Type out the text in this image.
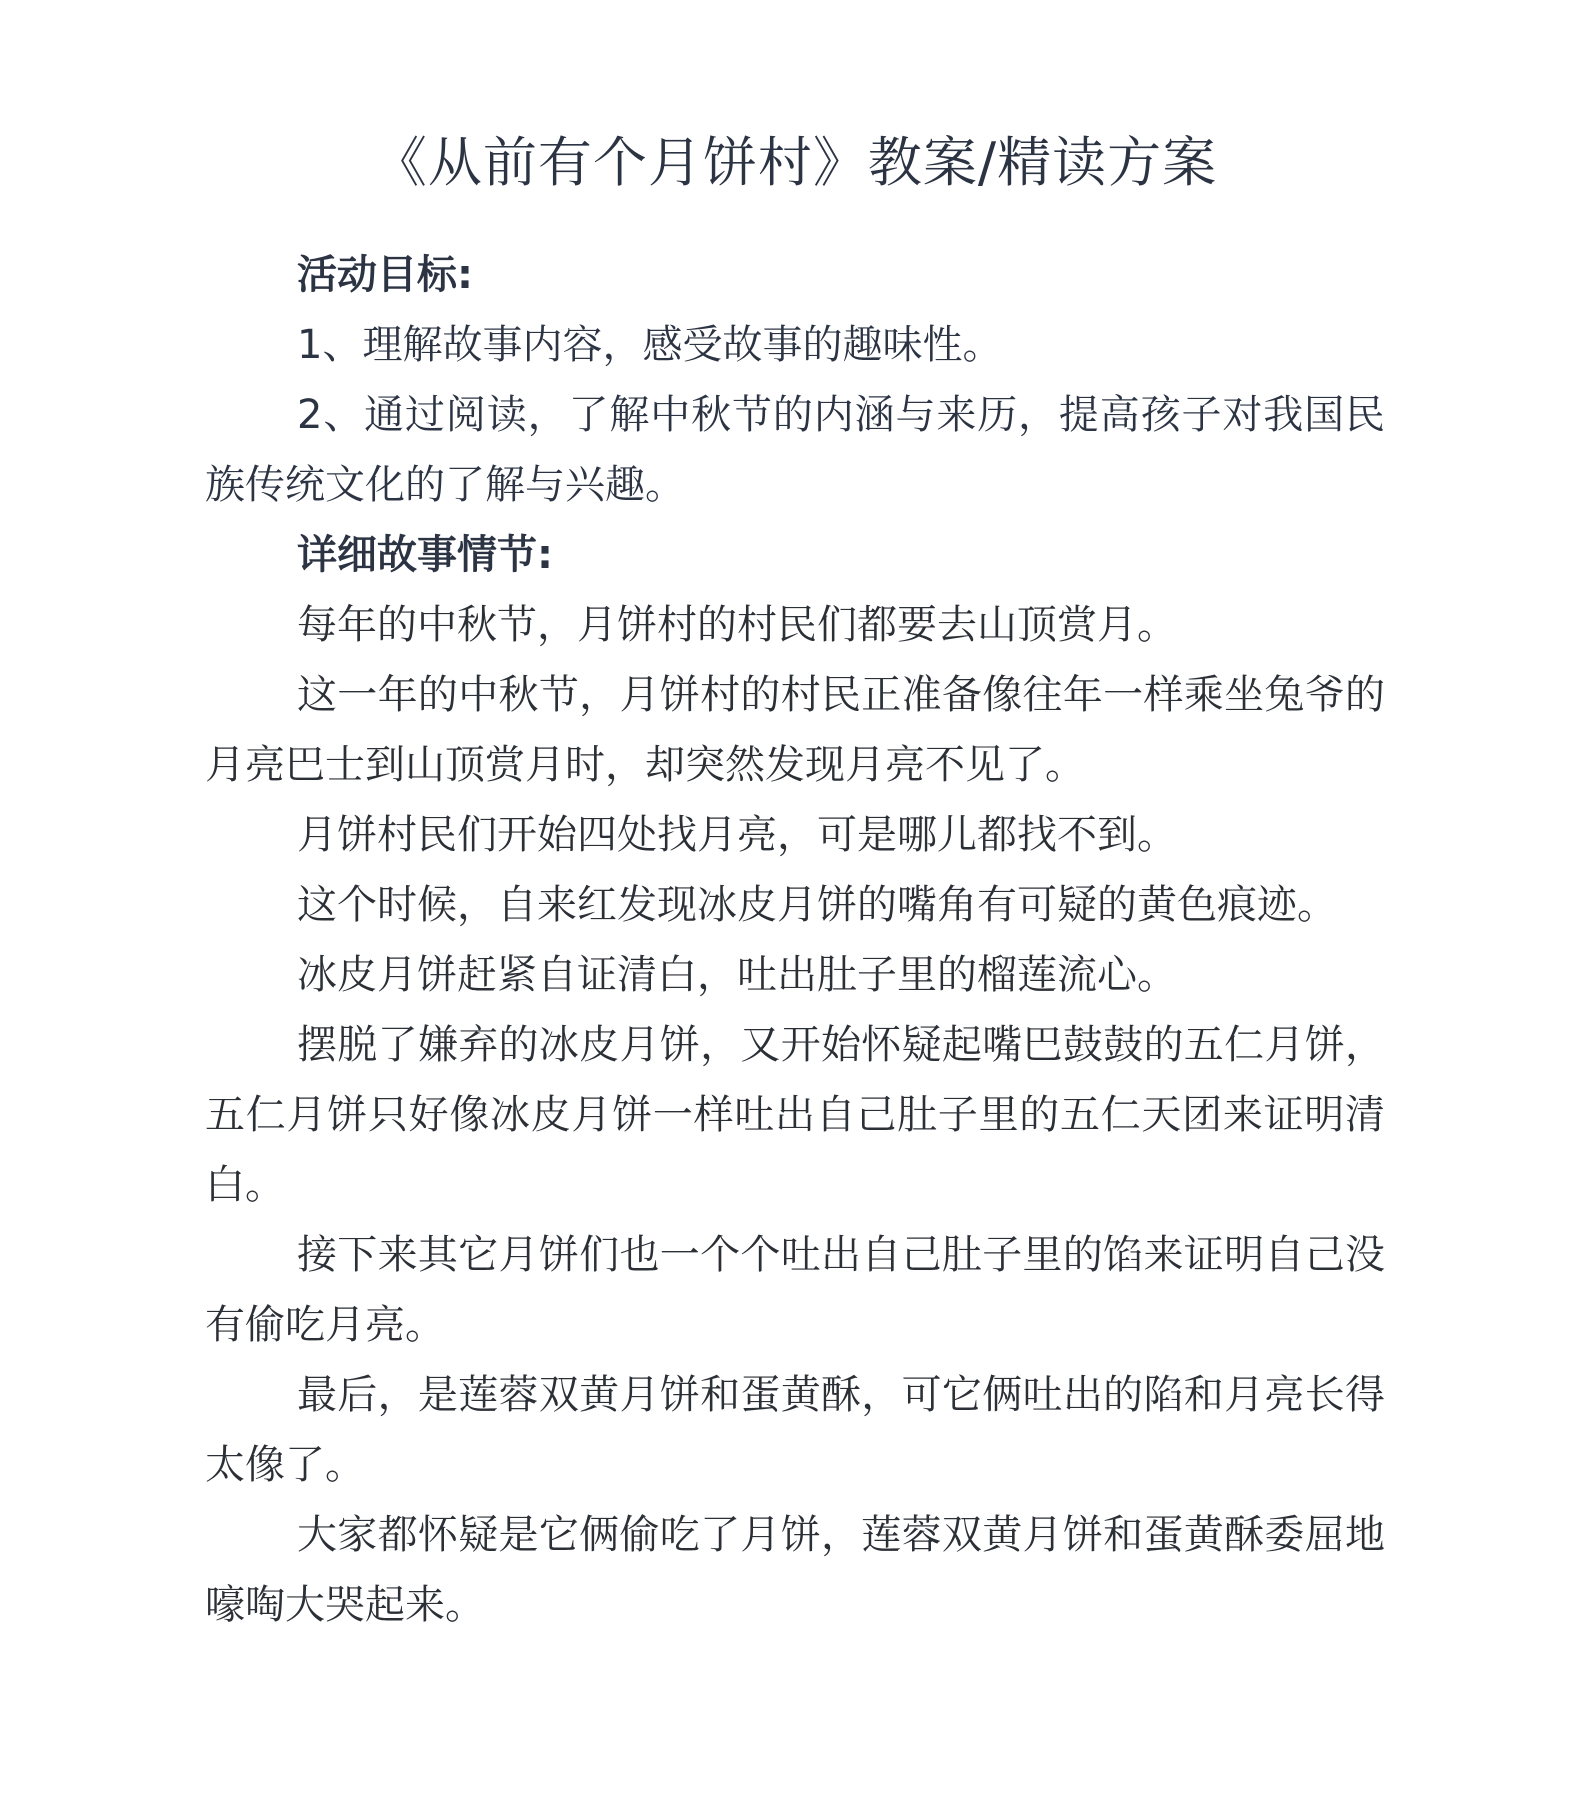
《从前有个月饼村》教案/精读方案

活动目标:

1、理解故事内容，感受故事的趣味性。

2、通过阅读，了解中秋节的内涵与来历，提高孩子对我国民族传统文化的了解与兴趣。

详细故事情节:

每年的中秋节，月饼村的村民们都要去山顶赏月。

这一年的中秋节，月饼村的村民正准备像往年一样乘坐兔爷的月亮巴士到山顶赏月时，却突然发现月亮不见了。

月饼村民们开始四处找月亮，可是哪儿都找不到。

这个时候，自来红发现冰皮月饼的嘴角有可疑的黄色痕迹。

冰皮月饼赶紧自证清白，吐出肚子里的榴莲流心。

摆脱了嫌弃的冰皮月饼，又开始怀疑起嘴巴鼓鼓的五仁月饼，五仁月饼只好像冰皮月饼一样吐出自己肚子里的五仁天团来证明清白。

接下来其它月饼们也一个个吐出自己肚子里的馅来证明自己没有偷吃月亮。

最后，是莲蓉双黄月饼和蛋黄酥，可它俩吐出的陷和月亮长得太像了。

大家都怀疑是它俩偷吃了月饼，莲蓉双黄月饼和蛋黄酥委屈地嚎啕大哭起来。
